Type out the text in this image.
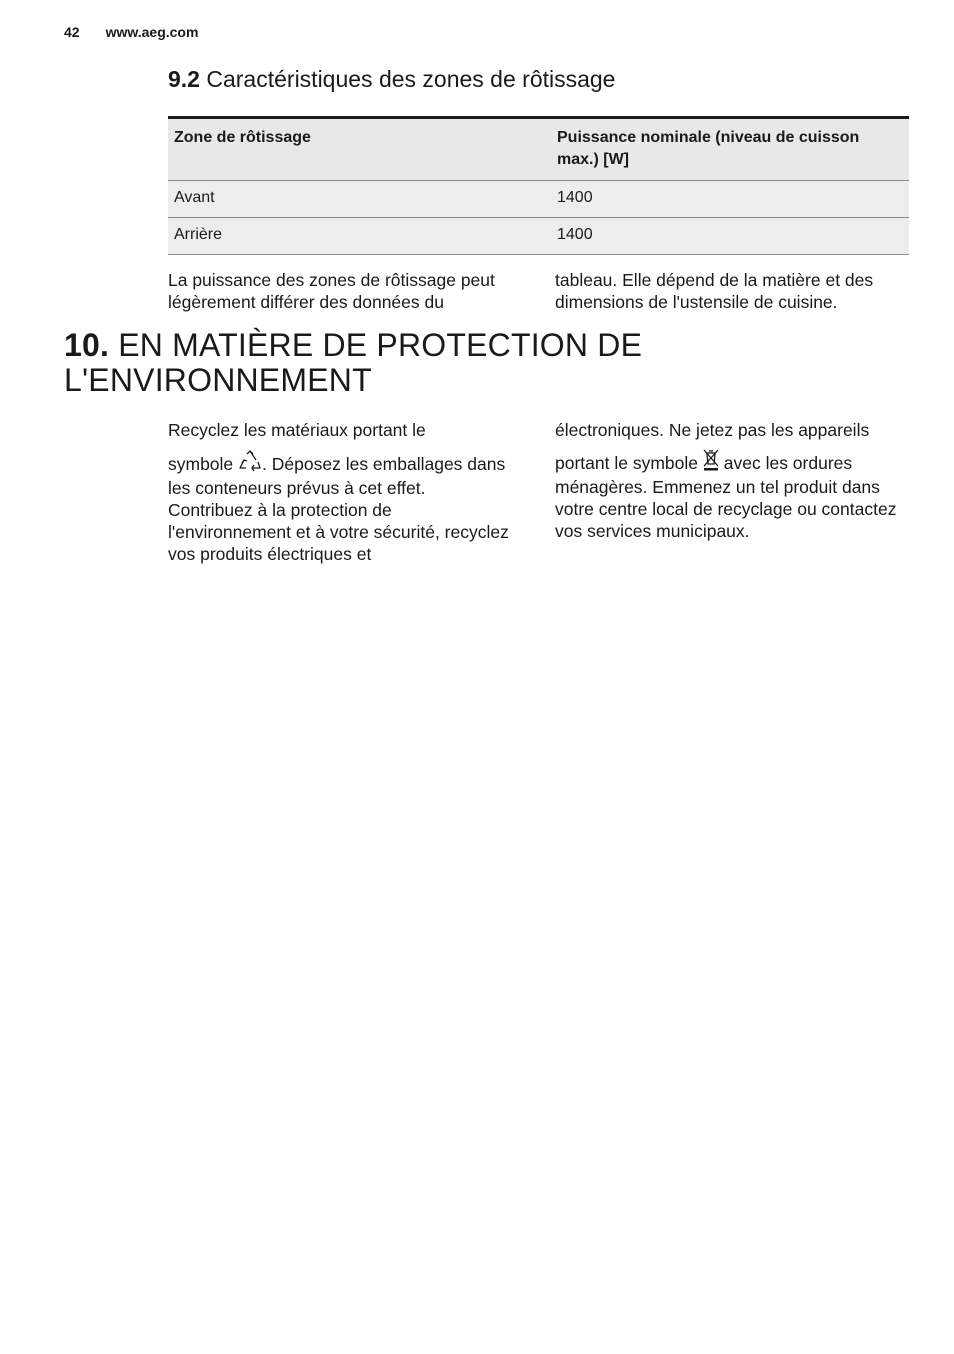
42 www.aeg.com
9.2 Caractéristiques des zones de rôtissage
Zone de rôtissage	Puissance nominale (niveau de cuisson max.) [W]
Avant	1400
Arrière	1400

La puissance des zones de rôtissage peut légèrement différer des données du

tableau. Elle dépend de la matière et des dimensions de l'ustensile de cuisine.

10. EN MATIÈRE DE PROTECTION DE
L'ENVIRONNEMENT

Recyclez les matériaux portant le
symbole . Déposez les emballages dans les conteneurs prévus à cet effet. Contribuez à la protection de l'environnement et à votre sécurité, recyclez vos produits électriques et

électroniques. Ne jetez pas les appareils
portant le symbole avec les ordures ménagères. Emmenez un tel produit dans votre centre local de recyclage ou contactez vos services municipaux.
